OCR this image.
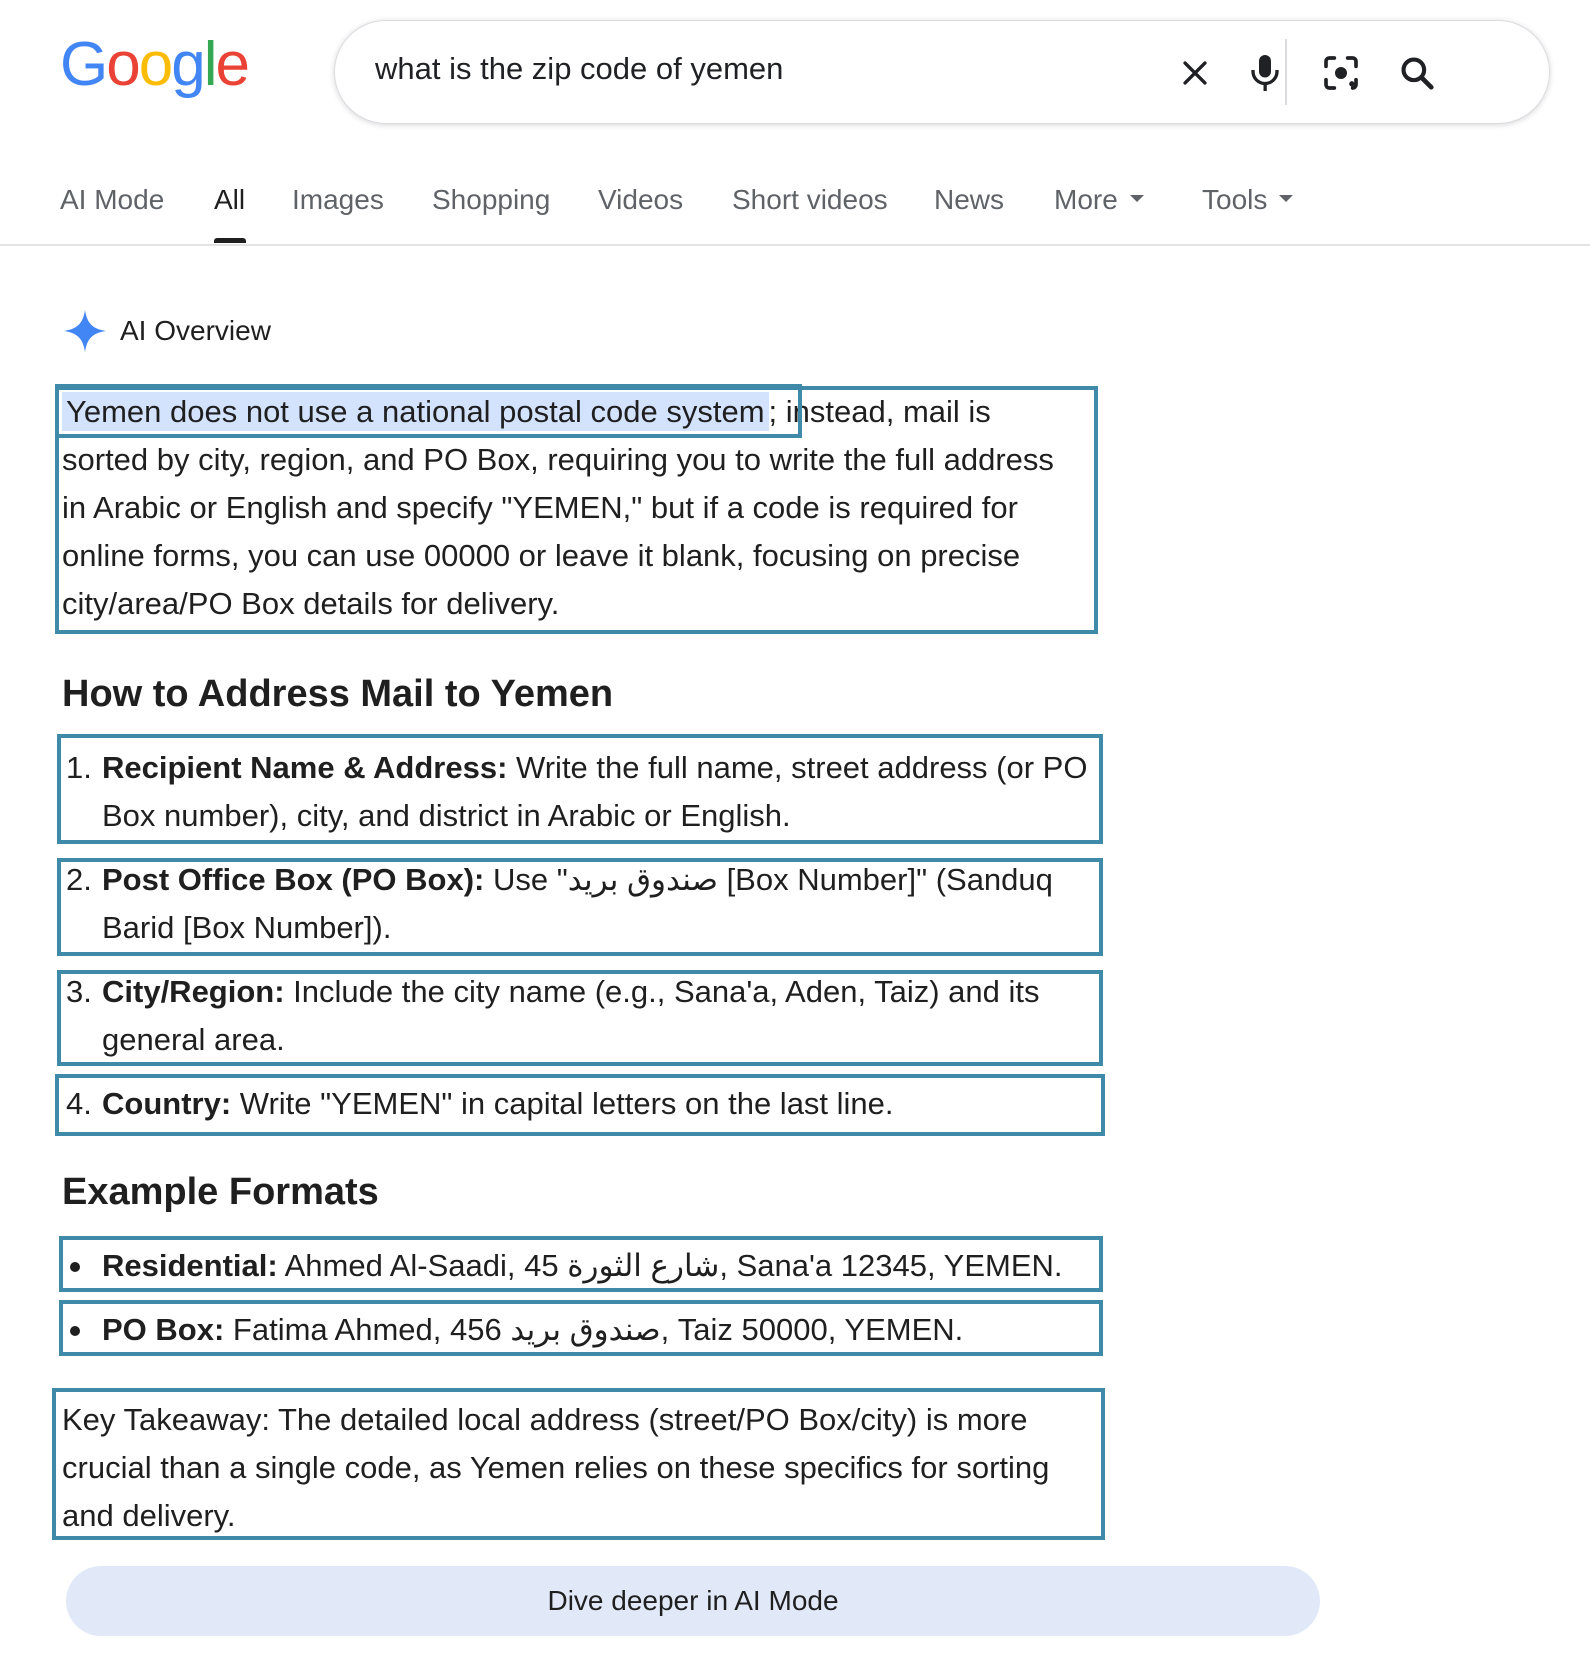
Google	what is the zip code of yemen
AI Mode All Images Shopping Videos Short videos News More	Tools
AI Overview
Yemen does not use a national postal code system ; instead, mail is
sorted by city, region, and PO Box, requiring you to write the full address
in Arabic or English and specify "YEMEN," but if a code is required for
online forms, you can use 00000 or leave it blank, focusing on precise
city/area/PO Box details for delivery.
How to Address Mail to Yemen
1. Recipient Name & Address: Write the full name, street address (or PO
Box number), city, and district in Arabic or English.
2. Post Office Box (PO Box): Use "صندوق بريد [Box Number]" (Sanduq
Barid [Box Number]).
3. City/Region: Include the city name (e.g., Sana'a, Aden, Taiz) and its
general area.
4. Country: Write "YEMEN" in capital letters on the last line.
Example Formats
Residential: Ahmed Al-Saadi, 45 شارع الثورة, Sana'a 12345, YEMEN.
PO Box: Fatima Ahmed, 456 صندوق بريد, Taiz 50000, YEMEN.
Key Takeaway: The detailed local address (street/PO Box/city) is more
crucial than a single code, as Yemen relies on these specifics for sorting
and delivery.
Dive deeper in AI Mode
